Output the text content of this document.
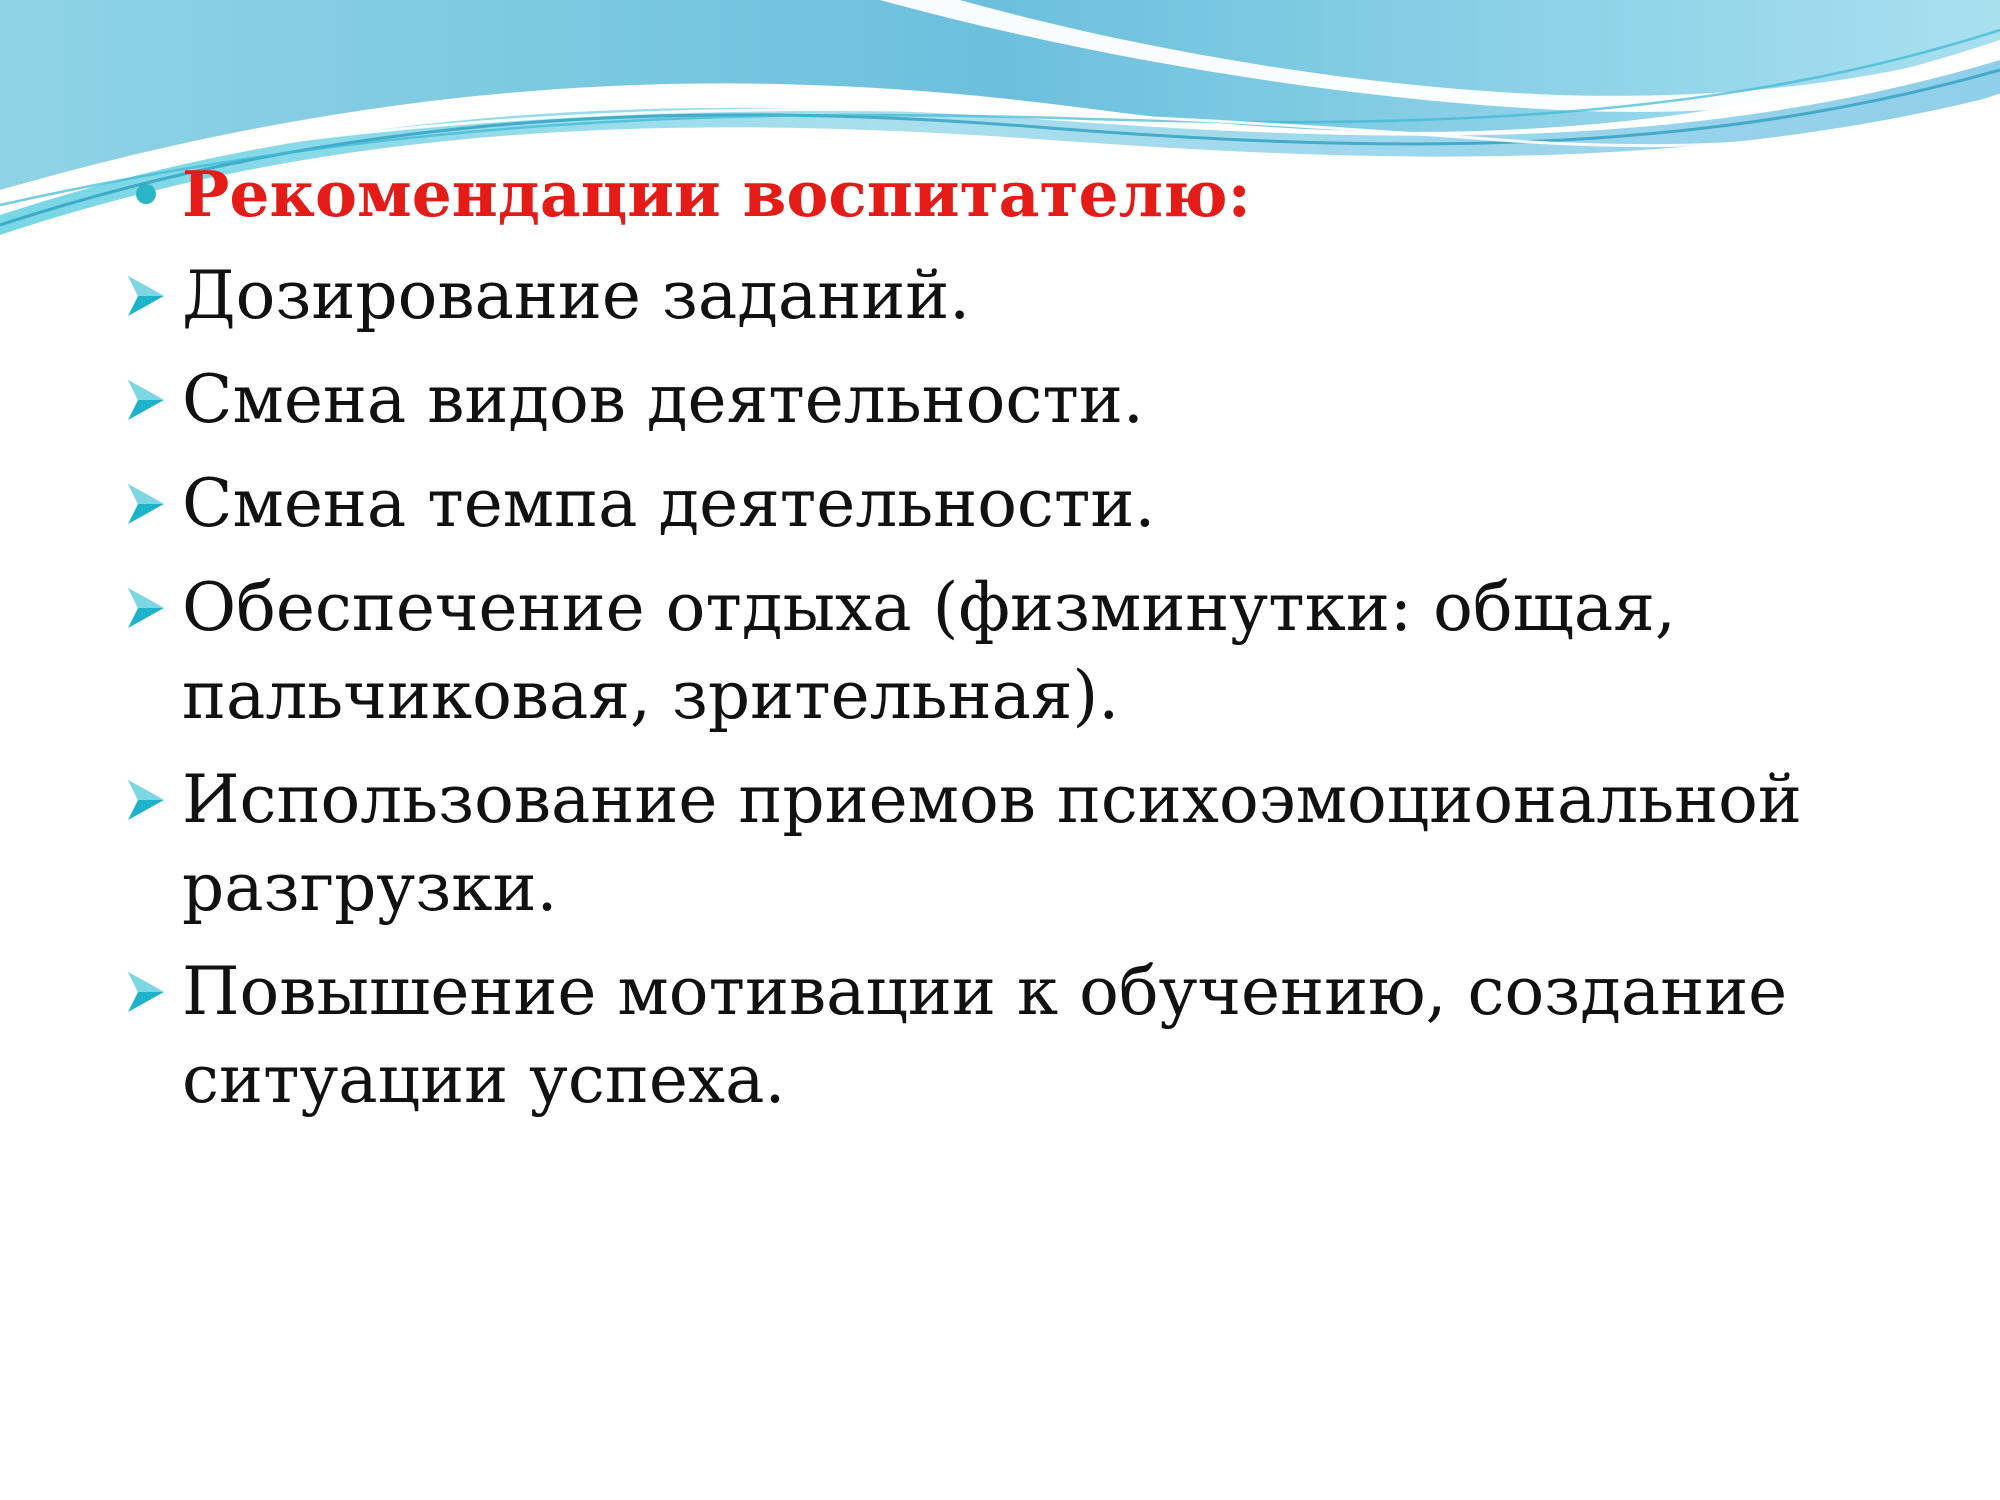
Рекомендации воспитателю:
Дозирование заданий.
Смена видов деятельности.
Смена темпа деятельности.
Обеспечение отдыха (физминутки: общая, пальчиковая, зрительная).
Использование приемов психоэмоциональной разгрузки.
Повышение мотивации к обучению, создание ситуации успеха.
